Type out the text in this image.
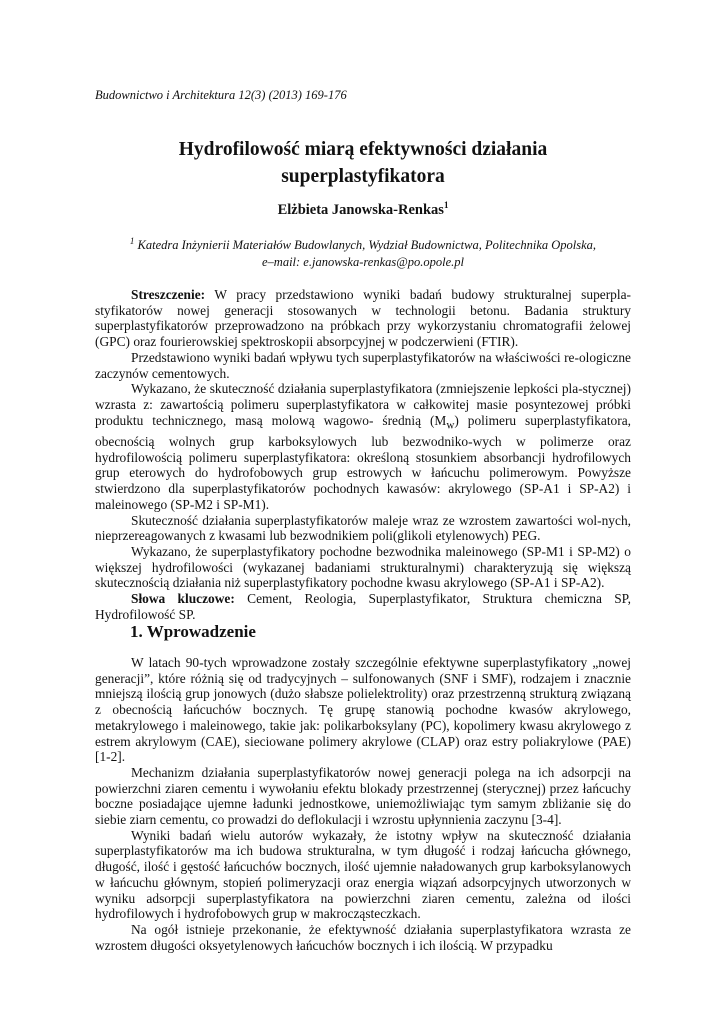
Budownictwo i Architektura 12(3) (2013) 169-176
Hydrofilowość miarą efektywności działania
superplastyfikatora
Elżbieta Janowska-Renkas$^1$
$^1$ Katedra Inżynierii Materiałów Budowlanych, Wydział Budownictwa, Politechnika Opolska,
e–mail: e.janowska-renkas@po.opole.pl

Streszczenie: W pracy przedstawiono wyniki badań budowy strukturalnej superpla-styfikatorów nowej generacji stosowanych w technologii betonu. Badania struktury superplastyfikatorów przeprowadzono na próbkach przy wykorzystaniu chromatografii żelowej (GPC) oraz fourierowskiej spektroskopii absorpcyjnej w podczerwieni (FTIR).

Przedstawiono wyniki badań wpływu tych superplastyfikatorów na właściwości re-ologiczne zaczynów cementowych.

Wykazano, że skuteczność działania superplastyfikatora (zmniejszenie lepkości pla-stycznej) wzrasta z: zawartością polimeru superplastyfikatora w całkowitej masie posyntezowej próbki produktu technicznego, masą molową wagowo- średnią $(M_w)$ polimeru superplastyfikatora, obecnością wolnych grup karboksylowych lub bezwodniko-wych w polimerze oraz hydrofilowością polimeru superplastyfikatora: określoną stosunkiem absorbancji hydrofilowych grup eterowych do hydrofobowych grup estrowych w łańcuchu polimerowym. Powyższe stwierdzono dla superplastyfikatorów pochodnych kawasów: akrylowego (SP-A1 i SP-A2) i maleinowego (SP-M2 i SP-M1).

Skuteczność działania superplastyfikatorów maleje wraz ze wzrostem zawartości wol-nych, nieprzereagowanych z kwasami lub bezwodnikiem poli(glikoli etylenowych) PEG.

Wykazano, że superplastyfikatory pochodne bezwodnika maleinowego (SP-M1 i SP-M2) o większej hydrofilowości (wykazanej badaniami strukturalnymi) charakteryzują się większą skutecznością działania niż superplastyfikatory pochodne kwasu akrylowego (SP-A1 i SP-A2).

Słowa kluczowe: Cement, Reologia, Superplastyfikator, Struktura chemiczna SP, Hydrofilowość SP.

1. Wprowadzenie

W latach 90-tych wprowadzone zostały szczególnie efektywne superplastyfikatory „nowej generacji”, które różnią się od tradycyjnych – sulfonowanych (SNF i SMF), rodzajem i znacznie mniejszą ilością grup jonowych (dużo słabsze polielektrolity) oraz przestrzenną strukturą związaną z obecnością łańcuchów bocznych. Tę grupę stanowią pochodne kwasów akrylowego, metakrylowego i maleinowego, takie jak: polikarboksylany (PC), kopolimery kwasu akrylowego z estrem akrylowym (CAE), sieciowane polimery akrylowe (CLAP) oraz estry poliakrylowe (PAE) [1-2].

Mechanizm działania superplastyfikatorów nowej generacji polega na ich adsorpcji na powierzchni ziaren cementu i wywołaniu efektu blokady przestrzennej (sterycznej) przez łańcuchy boczne posiadające ujemne ładunki jednostkowe, uniemożliwiając tym samym zbliżanie się do siebie ziarn cementu, co prowadzi do deflokulacji i wzrostu upłynnienia zaczynu [3-4].

Wyniki badań wielu autorów wykazały, że istotny wpływ na skuteczność działania superplastyfikatorów ma ich budowa strukturalna, w tym długość i rodzaj łańcucha głównego, długość, ilość i gęstość łańcuchów bocznych, ilość ujemnie naładowanych grup karboksylanowych w łańcuchu głównym, stopień polimeryzacji oraz energia wiązań adsorpcyjnych utworzonych w wyniku adsorpcji superplastyfikatora na powierzchni ziaren cementu, zależna od ilości hydrofilowych i hydrofobowych grup w makrocząsteczkach.

Na ogół istnieje przekonanie, że efektywność działania superplastyfikatora wzrasta ze wzrostem długości oksyetylenowych łańcuchów bocznych i ich ilością. W przypadku
